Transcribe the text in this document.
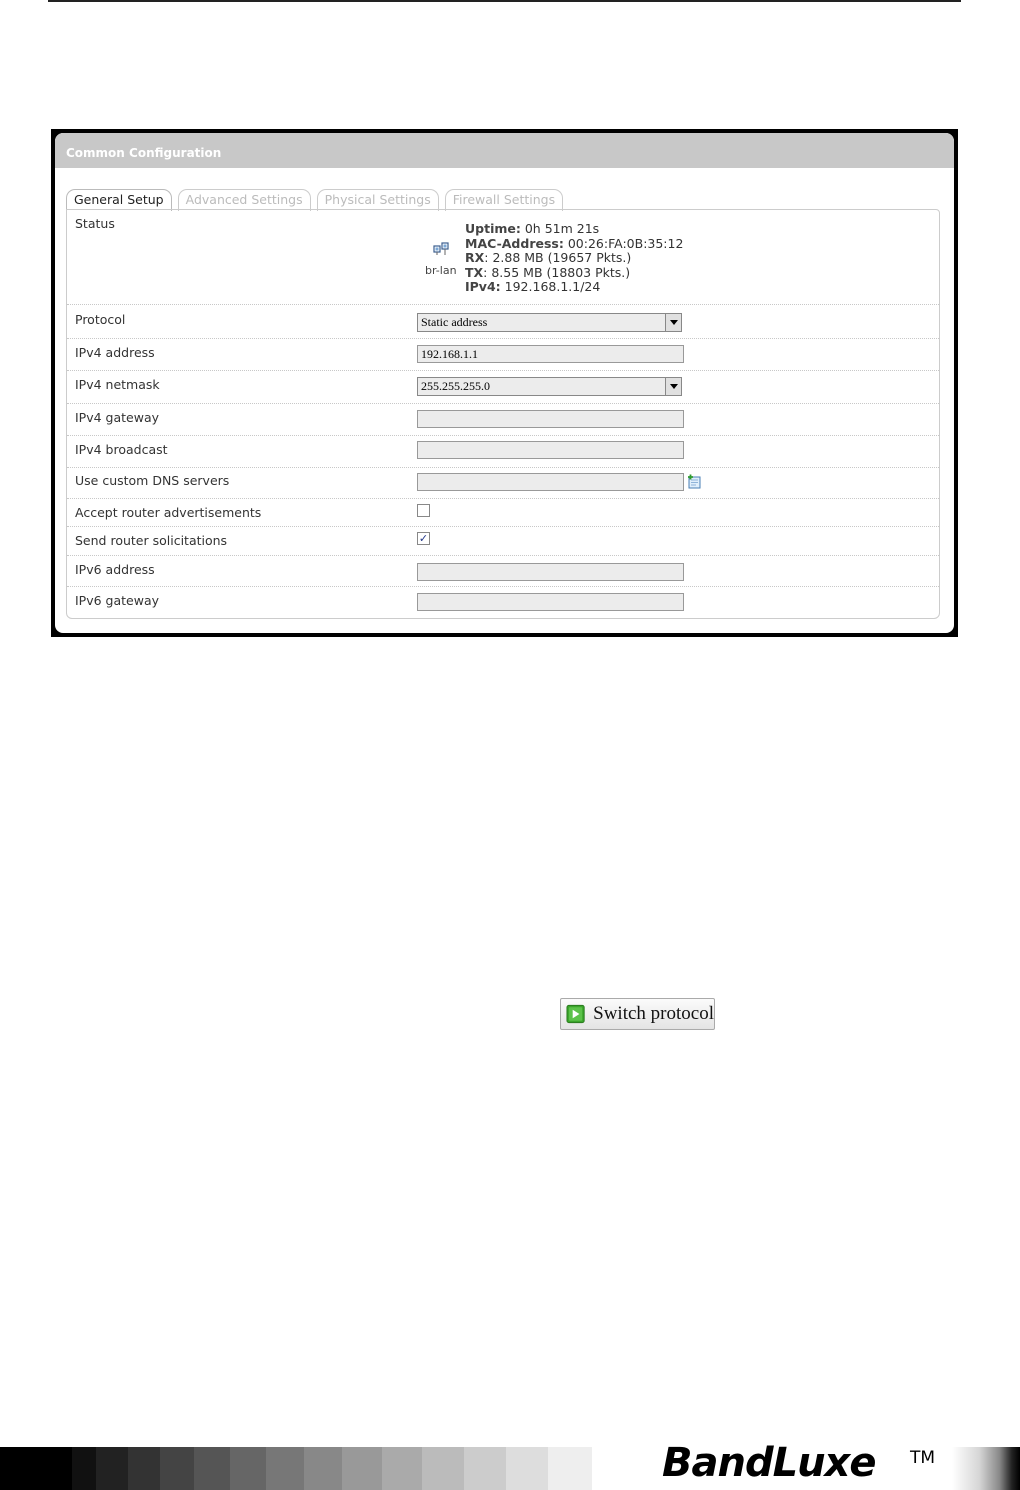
Common Configuration
General Setup	Advanced Settings	Physical Settings	Firewall Settings
Status
br-lan
Uptime: 0h 51m 21s
MAC-Address: 00:26:FA:0B:35:12
RX: 2.88 MB (19657 Pkts.)
TX: 8.55 MB (18803 Pkts.)
IPv4: 192.168.1.1/24
Protocol	Static address
IPv4 address	192.168.1.1
IPv4 netmask	255.255.255.0
IPv4 gateway
IPv4 broadcast
Use custom DNS servers
Accept router advertisements
Send router solicitations	✓
IPv6 address
IPv6 gateway
Switch protocol
BandLuxe TM
